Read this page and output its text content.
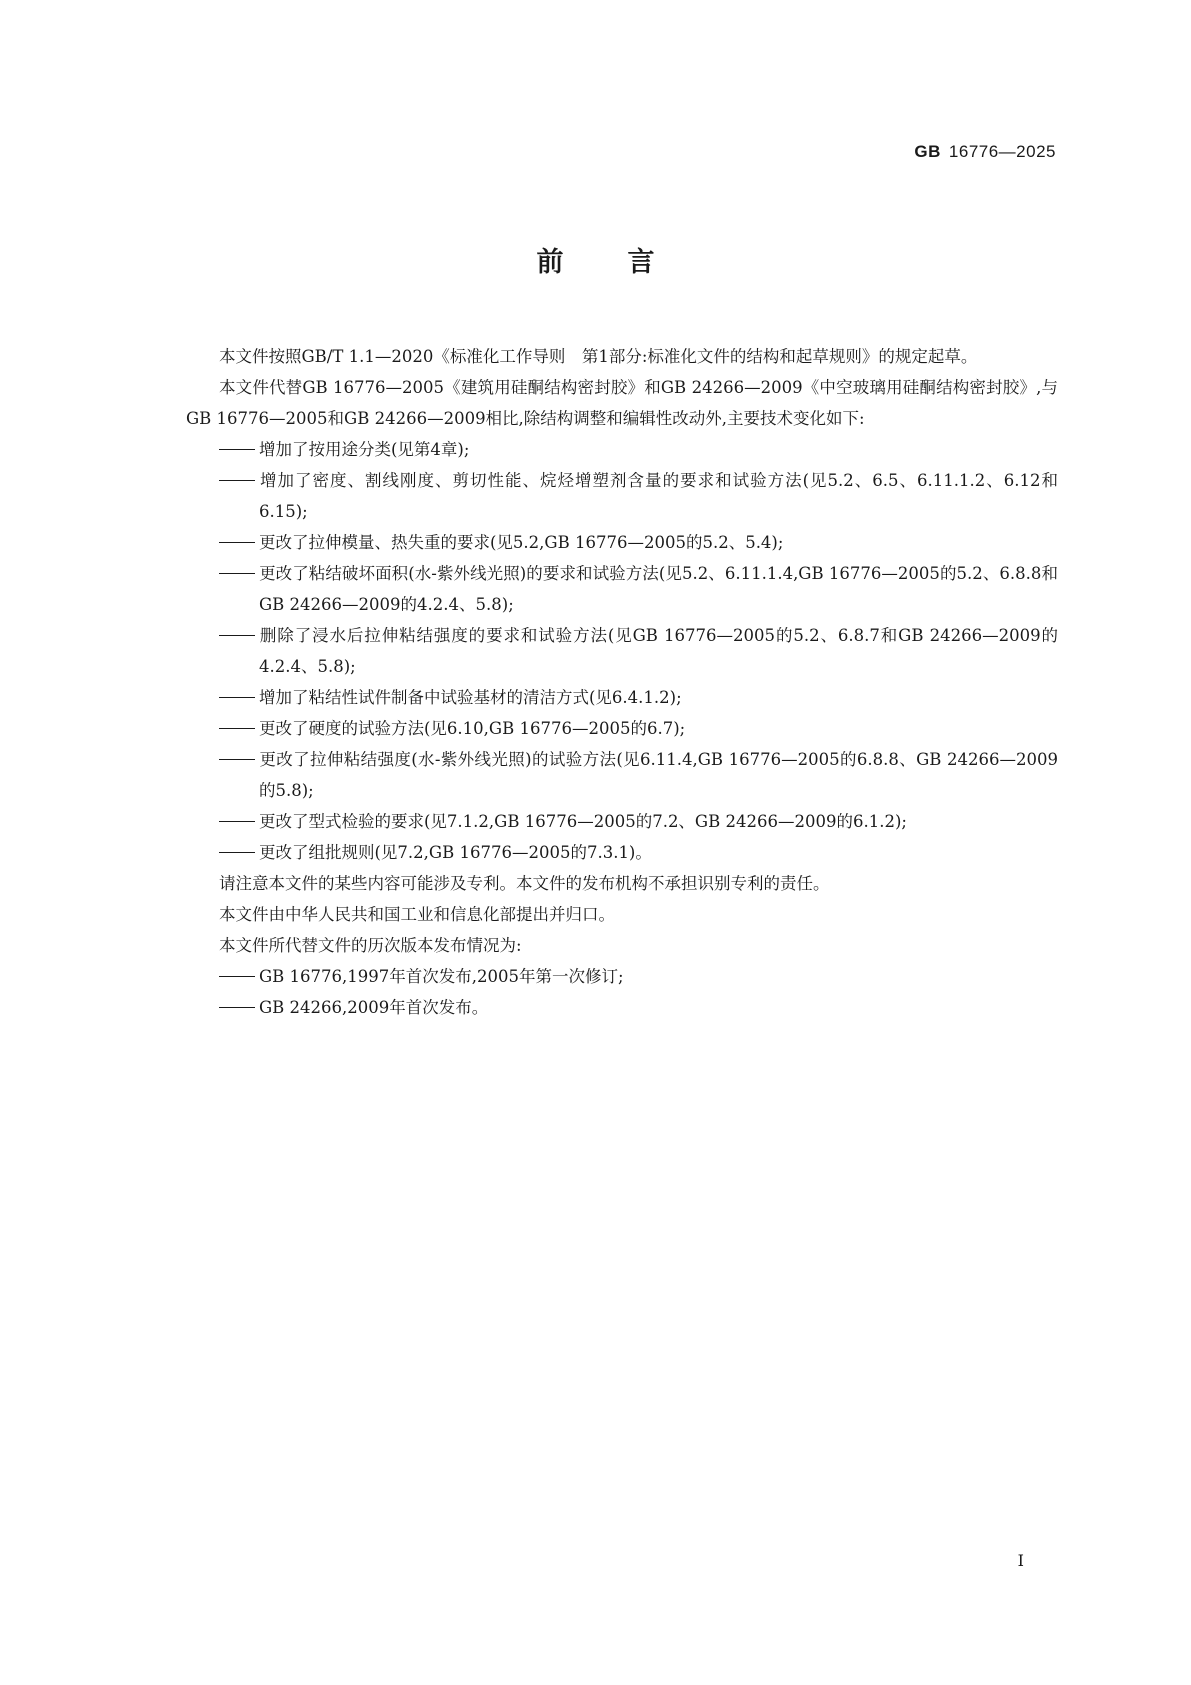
GB 16776—2025
前 言

本文件按照GB/T 1.1—2020《标准化工作导则　第1部分:标准化文件的结构和起草规则》的规定起草。

本文件代替GB 16776—2005《建筑用硅酮结构密封胶》和GB 24266—2009《中空玻璃用硅酮结构密封胶》,与GB 16776—2005和GB 24266—2009相比,除结构调整和编辑性改动外,主要技术变化如下:

增加了按用途分类(见第4章);

增加了密度、割线刚度、剪切性能、烷烃增塑剂含量的要求和试验方法(见5.2、6.5、6.11.1.2、6.12和6.15);

更改了拉伸模量、热失重的要求(见5.2,GB 16776—2005的5.2、5.4);

更改了粘结破坏面积(水-紫外线光照)的要求和试验方法(见5.2、6.11.1.4,GB 16776—2005的5.2、6.8.8和GB 24266—2009的4.2.4、5.8);

删除了浸水后拉伸粘结强度的要求和试验方法(见GB 16776—2005的5.2、6.8.7和GB 24266—2009的4.2.4、5.8);

增加了粘结性试件制备中试验基材的清洁方式(见6.4.1.2);

更改了硬度的试验方法(见6.10,GB 16776—2005的6.7);

更改了拉伸粘结强度(水-紫外线光照)的试验方法(见6.11.4,GB 16776—2005的6.8.8、GB 24266—2009的5.8);

更改了型式检验的要求(见7.1.2,GB 16776—2005的7.2、GB 24266—2009的6.1.2);

更改了组批规则(见7.2,GB 16776—2005的7.3.1)。

请注意本文件的某些内容可能涉及专利。本文件的发布机构不承担识别专利的责任。

本文件由中华人民共和国工业和信息化部提出并归口。

本文件所代替文件的历次版本发布情况为:

GB 16776,1997年首次发布,2005年第一次修订;

GB 24266,2009年首次发布。

I
